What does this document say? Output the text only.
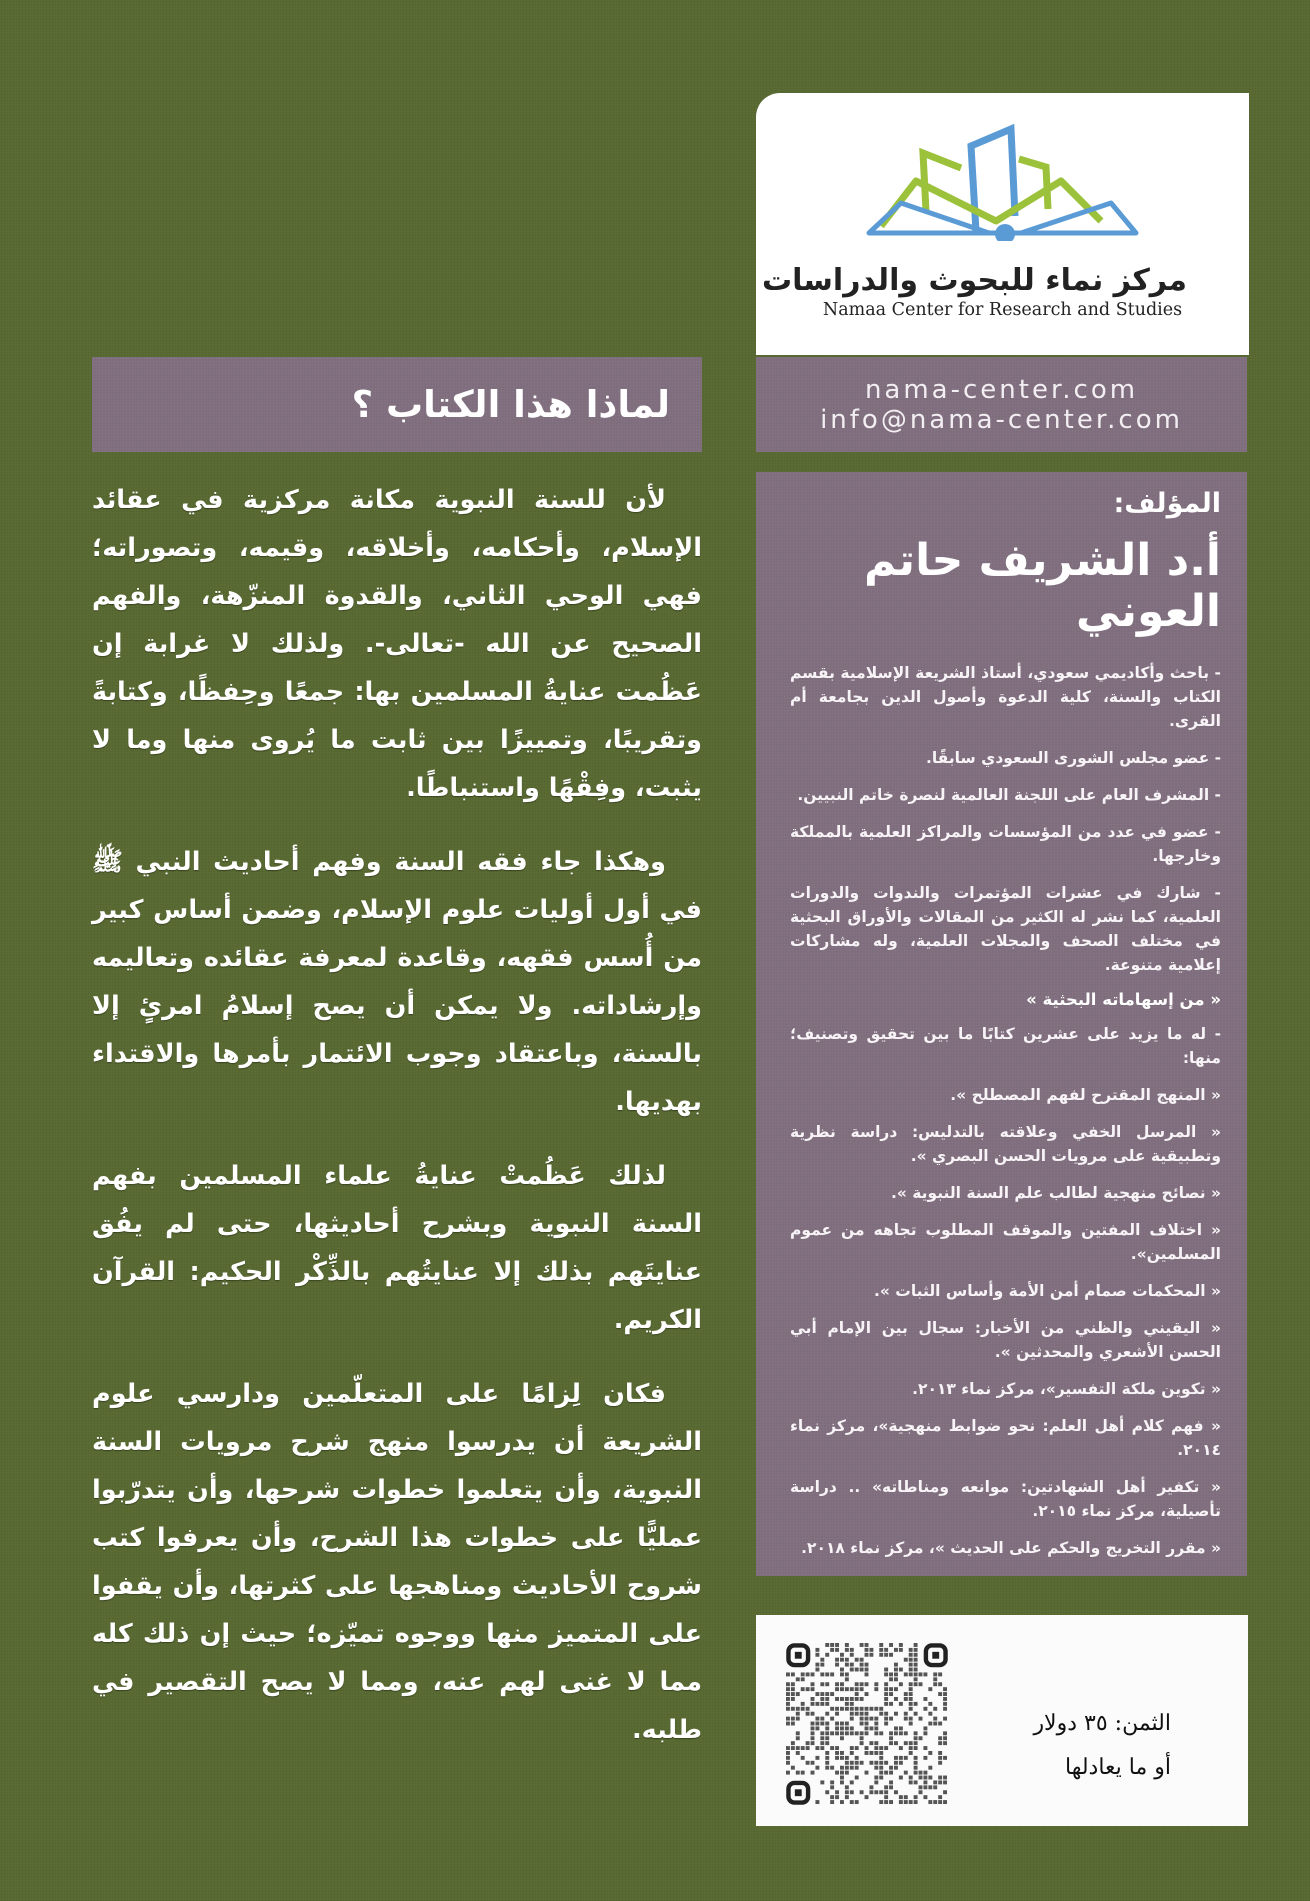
لماذا هذا الكتاب ؟

لأن للسنة النبوية مكانة مركزية في عقائد الإسلام، وأحكامه، وأخلاقه، وقيمه، وتصوراته؛ فهي الوحي الثاني، والقدوة المنزّهة، والفهم الصحيح عن الله -تعالى-. ولذلك لا غرابة إن عَظُمت عنايةُ المسلمين بها: جمعًا وحِفظًا، وكتابةً وتقريبًا، وتمييزًا بين ثابت ما يُروى منها وما لا يثبت، وفِقْهًا واستنباطًا.

وهكذا جاء فقه السنة وفهم أحاديث النبي ﷺ في أول أوليات علوم الإسلام، وضمن أساس كبير من أُسس فقهه، وقاعدة لمعرفة عقائده وتعاليمه وإرشاداته. ولا يمكن أن يصح إسلامُ امرئٍ إلا بالسنة، وباعتقاد وجوب الائتمار بأمرها والاقتداء بهديها.

لذلك عَظُمتْ عنايةُ علماء المسلمين بفهم السنة النبوية وبشرح أحاديثها، حتى لم يفُق عنايتَهم بذلك إلا عنايتُهم بالذِّكْر الحكيم: القرآن الكريم.

فكان لِزامًا على المتعلّمين ودارسي علوم الشريعة أن يدرسوا منهج شرح مرويات السنة النبوية، وأن يتعلموا خطوات شرحها، وأن يتدرّبوا عمليًّا على خطوات هذا الشرح، وأن يعرفوا كتب شروح الأحاديث ومناهجها على كثرتها، وأن يقفوا على المتميز منها ووجوه تميّزه؛ حيث إن ذلك كله مما لا غنى لهم عنه، ومما لا يصح التقصير في طلبه.

مركز نماء للبحوث والدراسات
Namaa Center for Research and Studies
nama-center.com
info@nama-center.com
المؤلف:
أ.د الشريف حاتم العوني

- باحث وأكاديمي سعودي، أستاذ الشريعة الإسلامية بقسم الكتاب والسنة، كلية الدعوة وأصول الدين بجامعة أم القرى.

- عضو مجلس الشورى السعودي سابقًا.

- المشرف العام على اللجنة العالمية لنصرة خاتم النبيين.

- عضو في عدد من المؤسسات والمراكز العلمية بالمملكة وخارجها.

- شارك في عشرات المؤتمرات والندوات والدورات العلمية، كما نشر له الكثير من المقالات والأوراق البحثية في مختلف الصحف والمجلات العلمية، وله مشاركات إعلامية متنوعة.

« من إسهاماته البحثية »

- له ما يزيد على عشرين كتابًا ما بين تحقيق وتصنيف؛ منها:

« المنهج المقترح لفهم المصطلح ».

« المرسل الخفي وعلاقته بالتدليس: دراسة نظرية وتطبيقية على مرويات الحسن البصري ».

« نصائح منهجية لطالب علم السنة النبوية ».

« اختلاف المفتين والموقف المطلوب تجاهه من عموم المسلمين».

« المحكمات صمام أمن الأمة وأساس الثبات ».

« اليقيني والظني من الأخبار: سجال بين الإمام أبي الحسن الأشعري والمحدثين ».

« تكوين ملكة التفسير»، مركز نماء ٢٠١٣.

« فهم كلام أهل العلم: نحو ضوابط منهجية»، مركز نماء ٢٠١٤.

« تكفير أهل الشهادتين: موانعه ومناطاته» .. دراسة تأصيلية، مركز نماء ٢٠١٥.

« مقرر التخريج والحكم على الحديث »، مركز نماء ٢٠١٨.

الثمن: ٣٥ دولار
أو ما يعادلها
